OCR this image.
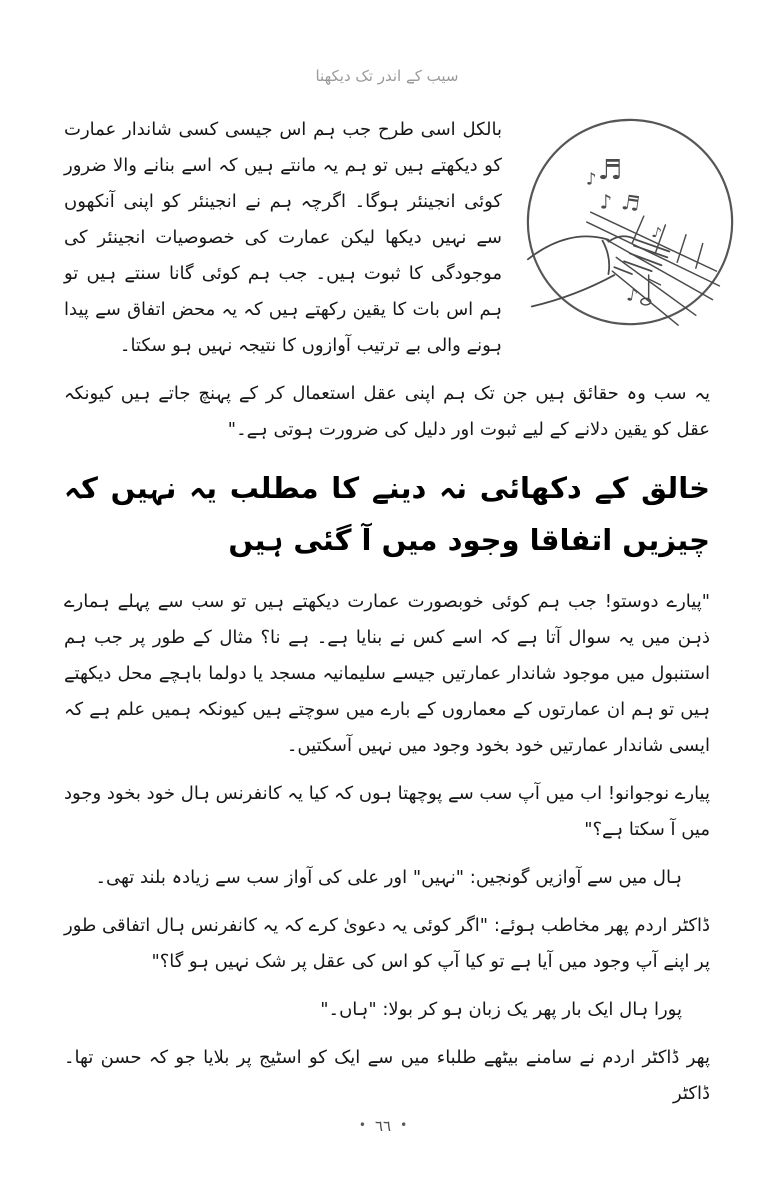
سیب کے اندر تک دیکھنا
♪ ♬
♪ ♬
♪
♪

بالکل اسی طرح جب ہم اس جیسی کسی شاندار عمارت کو دیکھتے ہیں تو ہم یہ مانتے ہیں کہ اسے بنانے والا ضرور کوئی انجینئر ہوگا۔ اگرچہ ہم نے انجینئر کو اپنی آنکھوں سے نہیں دیکھا لیکن عمارت کی خصوصیات انجینئر کی موجودگی کا ثبوت ہیں۔ جب ہم کوئی گانا سنتے ہیں تو ہم اس بات کا یقین رکھتے ہیں کہ یہ محض اتفاق سے پیدا ہونے والی بے ترتیب آوازوں کا نتیجہ نہیں ہو سکتا۔

یہ سب وہ حقائق ہیں جن تک ہم اپنی عقل استعمال کر کے پہنچ جاتے ہیں کیونکہ عقل کو یقین دلانے کے لیے ثبوت اور دلیل کی ضرورت ہوتی ہے۔"

خالق کے دکھائی نہ دینے کا مطلب یہ نہیں کہ چیزیں اتفاقا وجود میں آ گئی ہیں

"پیارے دوستو! جب ہم کوئی خوبصورت عمارت دیکھتے ہیں تو سب سے پہلے ہمارے ذہن میں یہ سوال آتا ہے کہ اسے کس نے بنایا ہے۔ ہے نا؟ مثال کے طور پر جب ہم استنبول میں موجود شاندار عمارتیں جیسے سلیمانیہ مسجد یا دولما باہچے محل دیکھتے ہیں تو ہم ان عمارتوں کے معماروں کے بارے میں سوچتے ہیں کیونکہ ہمیں علم ہے کہ ایسی شاندار عمارتیں خود بخود وجود میں نہیں آسکتیں۔

پیارے نوجوانو! اب میں آپ سب سے پوچھتا ہوں کہ کیا یہ کانفرنس ہال خود بخود وجود میں آ سکتا ہے؟"

ہال میں سے آوازیں گونجیں: "نہیں" اور علی کی آواز سب سے زیادہ بلند تھی۔

ڈاکٹر اردم پھر مخاطب ہوئے: "اگر کوئی یہ دعویٰ کرے کہ یہ کانفرنس ہال اتفاقی طور پر اپنے آپ وجود میں آیا ہے تو کیا آپ کو اس کی عقل پر شک نہیں ہو گا؟"

پورا ہال ایک بار پھر یک زبان ہو کر بولا: "ہاں۔"

پھر ڈاکٹر اردم نے سامنے بیٹھے طلباء میں سے ایک کو اسٹیج پر بلایا جو کہ حسن تھا۔ ڈاکٹر

•٦٦•
